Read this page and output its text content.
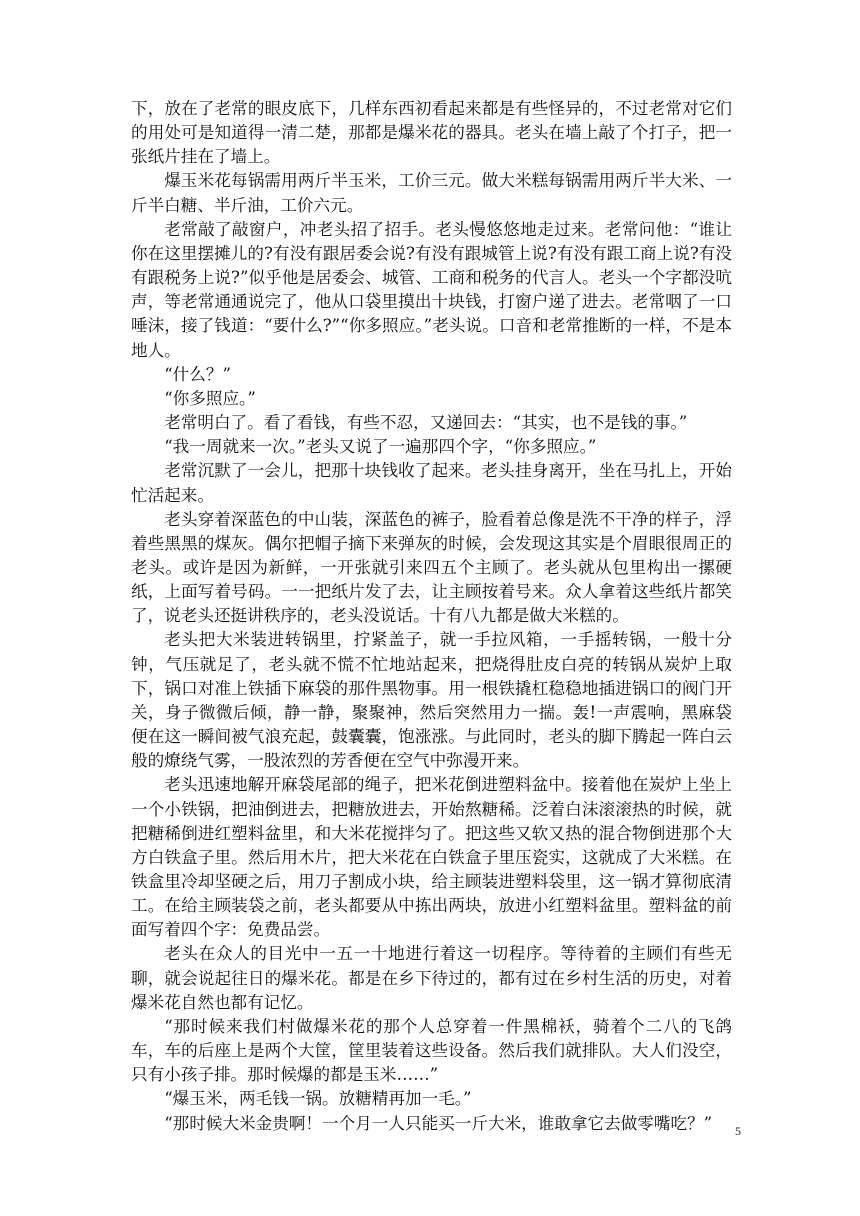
下，放在了老常的眼皮底下，几样东西初看起来都是有些怪异的，不过老常对它们的用处可是知道得一清二楚，那都是爆米花的器具。老头在墙上敲了个打子，把一张纸片挂在了墙上。

爆玉米花每锅需用两斤半玉米，工价三元。做大米糕每锅需用两斤半大米、一斤半白糖、半斤油，工价六元。

老常敲了敲窗户，冲老头招了招手。老头慢悠悠地走过来。老常问他：“谁让你在这里摆摊儿的?有没有跟居委会说?有没有跟城管上说?有没有跟工商上说?有没有跟税务上说?”似乎他是居委会、城管、工商和税务的代言人。老头一个字都没吭声，等老常通通说完了，他从口袋里摸出十块钱，打窗户递了进去。老常咽了一口唾沫，接了钱道：“要什么?”“你多照应。”老头说。口音和老常推断的一样，不是本地人。

“什么？”

“你多照应。”

老常明白了。看了看钱，有些不忍，又递回去：“其实，也不是钱的事。”

“我一周就来一次。”老头又说了一遍那四个字，“你多照应。”

老常沉默了一会儿，把那十块钱收了起来。老头挂身离开，坐在马扎上，开始忙活起来。

老头穿着深蓝色的中山装，深蓝色的裤子，脸看着总像是洗不干净的样子，浮着些黑黑的煤灰。偶尔把帽子摘下来弹灰的时候，会发现这其实是个眉眼很周正的老头。或许是因为新鲜，一开张就引来四五个主顾了。老头就从包里构出一摞硬纸，上面写着号码。一一把纸片发了去，让主顾按着号来。众人拿着这些纸片都笑了，说老头还挺讲秩序的，老头没说话。十有八九都是做大米糕的。

老头把大米装进转锅里，拧紧盖子，就一手拉风箱，一手摇转锅，一般十分钟，气压就足了，老头就不慌不忙地站起来，把烧得肚皮白亮的转锅从炭炉上取下，锅口对准上铁插下麻袋的那件黑物事。用一根铁撬杠稳稳地插进锅口的阀门开关，身子微微后倾，静一静，聚聚神，然后突然用力一揣。轰!一声震响，黑麻袋便在这一瞬间被气浪充起，鼓囊囊，饱涨涨。与此同时，老头的脚下腾起一阵白云般的燎绕气雾，一股浓烈的芳香便在空气中弥漫开来。

老头迅速地解开麻袋尾部的绳子，把米花倒进塑料盆中。接着他在炭炉上坐上一个小铁锅，把油倒进去，把糖放进去，开始熬糖稀。泛着白沫滚滚热的时候，就把糖稀倒进红塑料盆里，和大米花搅拌匀了。把这些又软又热的混合物倒进那个大方白铁盒子里。然后用木片，把大米花在白铁盒子里压瓷实，这就成了大米糕。在铁盒里冷却坚硬之后，用刀子割成小块，给主顾装进塑料袋里，这一锅才算彻底清工。在给主顾装袋之前，老头都要从中拣出两块，放进小红塑料盆里。塑料盆的前面写着四个字：免费品尝。

老头在众人的目光中一五一十地进行着这一切程序。等待着的主顾们有些无聊，就会说起往日的爆米花。都是在乡下待过的，都有过在乡村生活的历史，对着爆米花自然也都有记忆。

“那时候来我们村做爆米花的那个人总穿着一件黑棉袄，骑着个二八的飞鸽车，车的后座上是两个大筐，筐里装着这些设备。然后我们就排队。大人们没空，只有小孩子排。那时候爆的都是玉米……”

“爆玉米，两毛钱一锅。放糖精再加一毛。”

“那时候大米金贵啊！一个月一人只能买一斤大米，谁敢拿它去做零嘴吃？”	5
